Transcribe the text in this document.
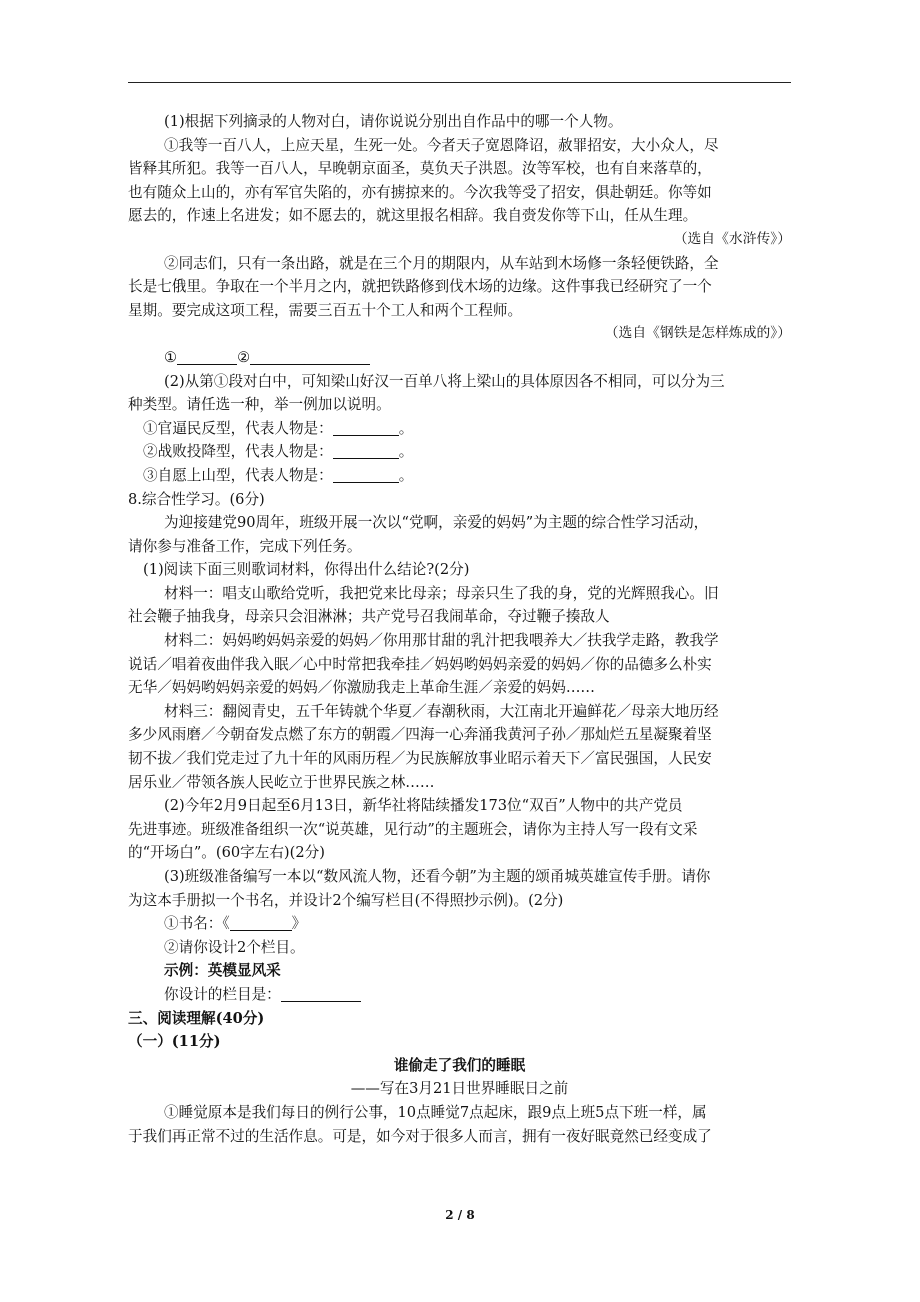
(1)根据下列摘录的人物对白，请你说说分别出自作品中的哪一个人物。

①我等一百八人，上应天星，生死一处。今者天子宽恩降诏，赦罪招安，大小众人，尽

皆释其所犯。我等一百八人，早晚朝京面圣，莫负天子洪恩。汝等军校，也有自来落草的，

也有随众上山的，亦有军官失陷的，亦有掳掠来的。今次我等受了招安，俱赴朝廷。你等如

愿去的，作速上名进发；如不愿去的，就这里报名相辞。我自赍发你等下山，任从生理。

（选自《水浒传》）

②同志们，只有一条出路，就是在三个月的期限内，从车站到木场修一条轻便铁路，全

长是七俄里。争取在一个半月之内，就把铁路修到伐木场的边缘。这件事我已经研究了一个

星期。要完成这项工程，需要三百五十个工人和两个工程师。

（选自《钢铁是怎样炼成的》）

①	②

(2)从第①段对白中，可知梁山好汉一百单八将上梁山的具体原因各不相同，可以分为三

种类型。请任选一种，举一例加以说明。

①官逼民反型，代表人物是：	。

②战败投降型，代表人物是：	。

③自愿上山型，代表人物是：	。

8.综合性学习。(6分)

为迎接建党90周年，班级开展一次以“党啊，亲爱的妈妈”为主题的综合性学习活动，

请你参与准备工作，完成下列任务。

(1)阅读下面三则歌词材料，你得出什么结论?(2分)

材料一：唱支山歌给党听，我把党来比母亲；母亲只生了我的身，党的光辉照我心。旧

社会鞭子抽我身，母亲只会泪淋淋；共产党号召我闹革命，夺过鞭子揍敌人

材料二：妈妈哟妈妈亲爱的妈妈／你用那甘甜的乳汁把我喂养大／扶我学走路，教我学

说话／唱着夜曲伴我入眠／心中时常把我牵挂／妈妈哟妈妈亲爱的妈妈／你的品德多么朴实

无华／妈妈哟妈妈亲爱的妈妈／你激励我走上革命生涯／亲爱的妈妈……

材料三：翻阅青史，五千年铸就个华夏／春潮秋雨，大江南北开遍鲜花／母亲大地历经

多少风雨磨／今朝奋发点燃了东方的朝霞／四海一心奔涌我黄河子孙／那灿烂五星凝聚着坚

韧不拔／我们党走过了九十年的风雨历程／为民族解放事业昭示着天下／富民强国，人民安

居乐业／带领各族人民屹立于世界民族之林……

(2)今年2月9日起至6月13日，新华社将陆续播发173位“双百”人物中的共产党员

先进事迹。班级准备组织一次“说英雄，见行动”的主题班会，请你为主持人写一段有文采

的“开场白”。(60字左右)(2分)

(3)班级准备编写一本以“数风流人物，还看今朝”为主题的颂甬城英雄宣传手册。请你

为这本手册拟一个书名，并设计2个编写栏目(不得照抄示例)。(2分)

①书名：《	》

②请你设计2个栏目。

示例：英模显风采

你设计的栏目是：

三、阅读理解(40分)

（一）(11分)

谁偷走了我们的睡眠

——写在3月21日世界睡眠日之前

①睡觉原本是我们每日的例行公事，10点睡觉7点起床，跟9点上班5点下班一样，属

于我们再正常不过的生活作息。可是，如今对于很多人而言，拥有一夜好眠竟然已经变成了

2 / 8
